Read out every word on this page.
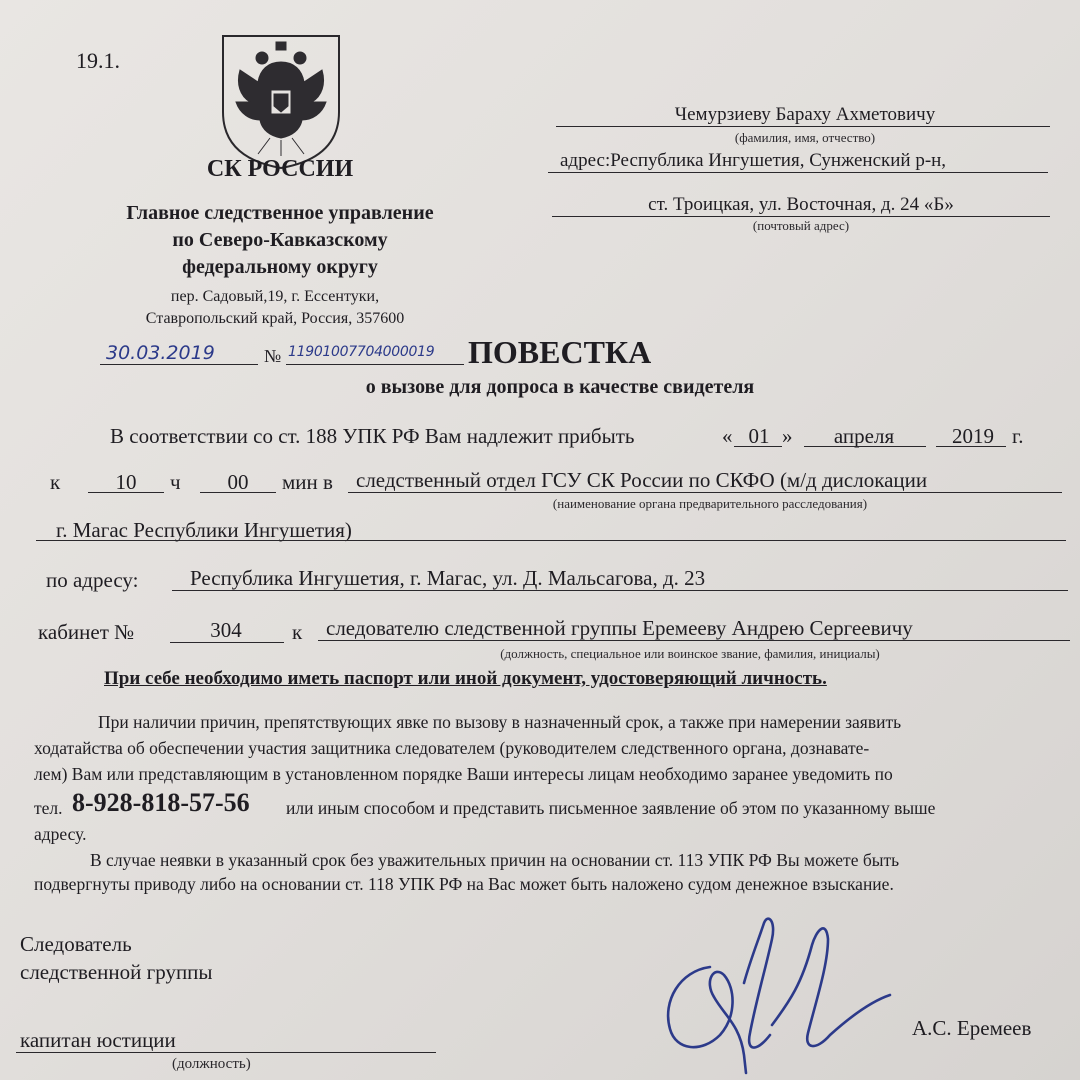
19.1.
СК РОССИИ
Главное следственное управление
по Северо-Кавказскому
федеральному округу
пер. Садовый,19, г. Ессентуки,
Ставропольский край, Россия, 357600
Чемурзиеву Бараху Ахметовичу
(фамилия, имя, отчество)
адрес:Республика Ингушетия, Сунженский р-н,
ст. Троицкая, ул. Восточная, д. 24 «Б»
(почтовый адрес)
30.03.2019	№ 11901007704000019 ПОВЕСТКА
о вызове для допроса в качестве свидетеля
В соответствии со ст. 188 УПК РФ Вам надлежит прибыть	« 01 »	апреля	2019 г.
к	10	ч	00	мин в следственный отдел ГСУ СК России по СКФО (м/д дислокации
(наименование органа предварительного расследования)
г. Магас Республики Ингушетия)
по адресу: Республика Ингушетия, г. Магас, ул. Д. Мальсагова, д. 23
кабинет №	304	к следователю следственной группы Еремееву Андрею Сергеевичу
(должность, специальное или воинское звание, фамилия, инициалы)
При себе необходимо иметь паспорт или иной документ, удостоверяющий личность.
При наличии причин, препятствующих явке по вызову в назначенный срок, а также при намерении заявить
ходатайства об обеспечении участия защитника следователем (руководителем следственного органа, дознавате-
лем) Вам или представляющим в установленном порядке Ваши интересы лицам необходимо заранее уведомить по
тел. 8-928-818-57-56 или иным способом и представить письменное заявление об этом по указанному выше
адресу.
В случае неявки в указанный срок без уважительных причин на основании ст. 113 УПК РФ Вы можете быть
подвергнуты приводу либо на основании ст. 118 УПК РФ на Вас может быть наложено судом денежное взыскание.
Следователь
следственной группы
капитан юстиции
(должность)
А.С. Еремеев
